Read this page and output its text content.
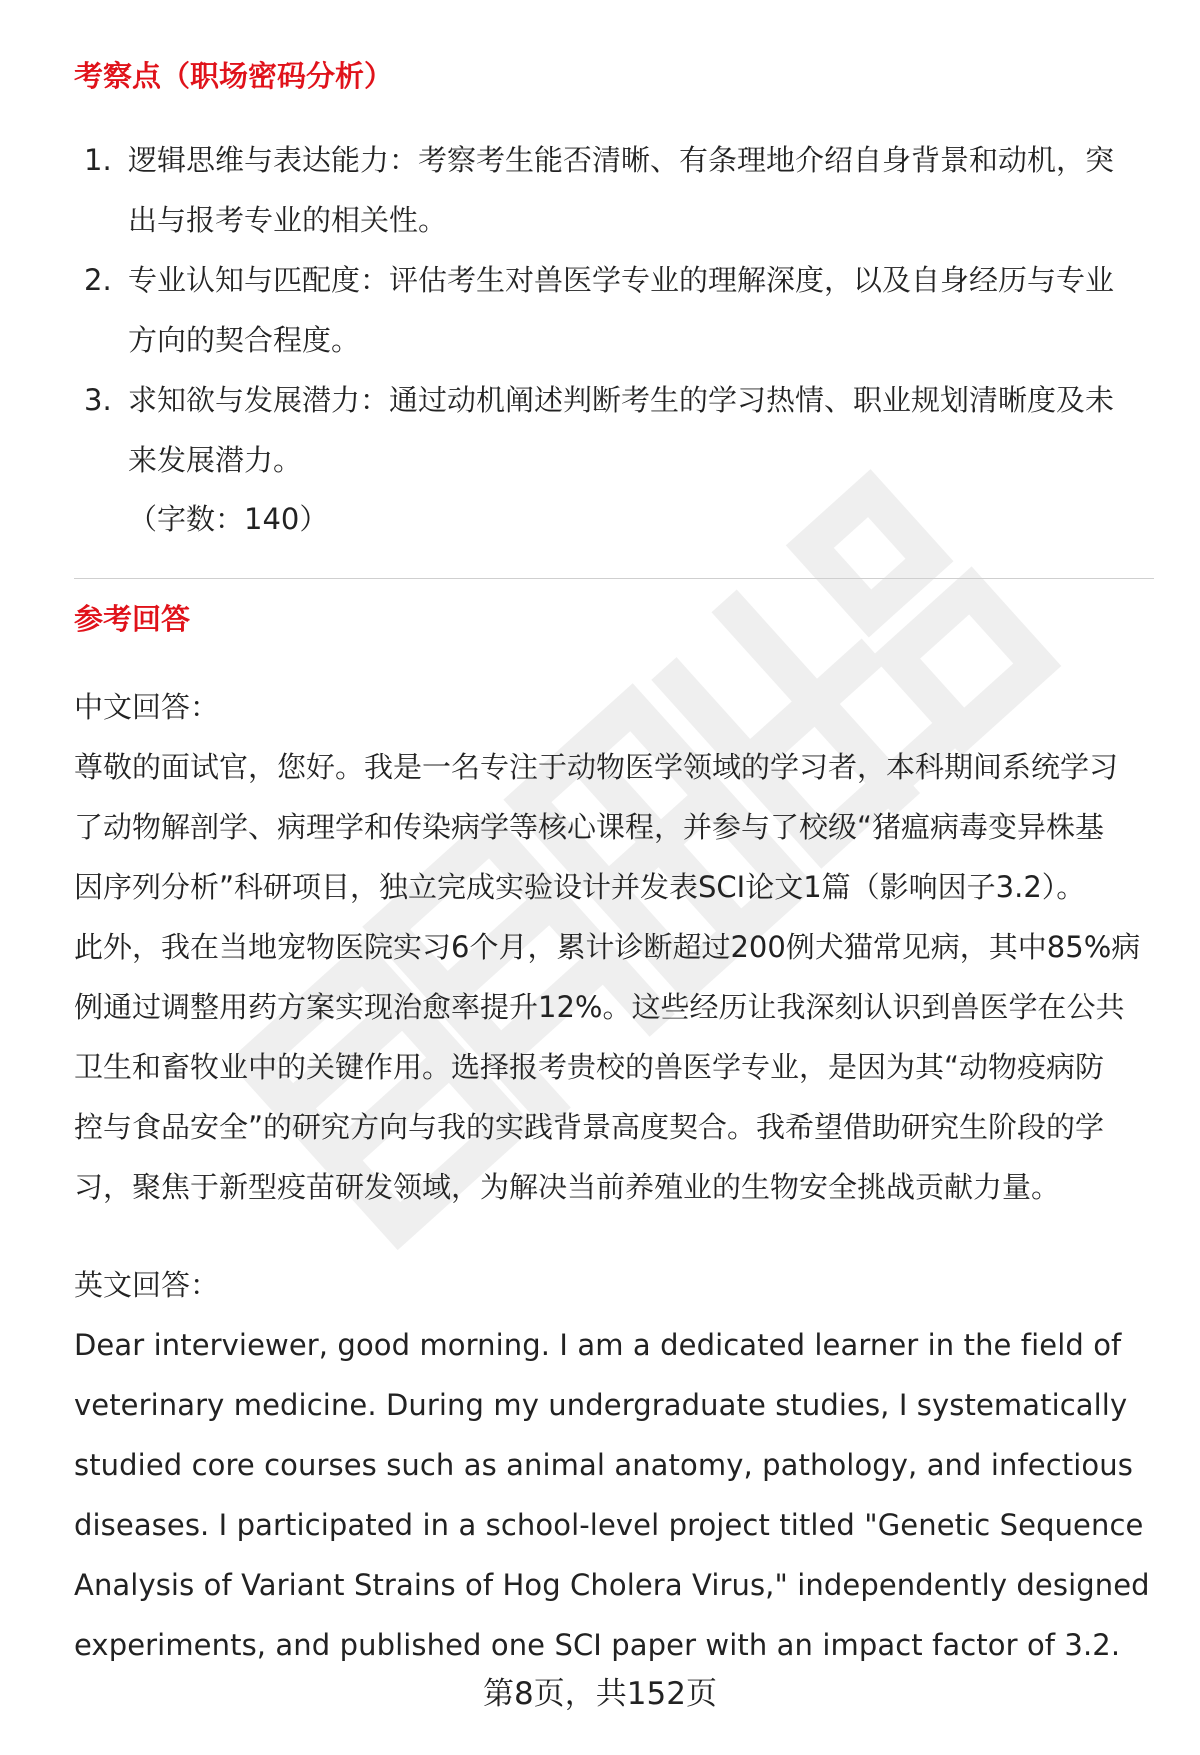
考察点（职场密码分析）
1. 逻辑思维与表达能力：考察考生能否清晰、有条理地介绍自身背景和动机，突
出与报考专业的相关性。
2. 专业认知与匹配度：评估考生对兽医学专业的理解深度，以及自身经历与专业
方向的契合程度。
3. 求知欲与发展潜力：通过动机阐述判断考生的学习热情、职业规划清晰度及未
来发展潜力。
（字数：140）
参考回答
中文回答：
尊敬的面试官，您好。我是一名专注于动物医学领域的学习者，本科期间系统学习
了动物解剖学、病理学和传染病学等核心课程，并参与了校级“猪瘟病毒变异株基
因序列分析”科研项目，独立完成实验设计并发表SCI论文1篇（影响因子3.2）。
此外，我在当地宠物医院实习6个月，累计诊断超过200例犬猫常见病，其中85%病
例通过调整用药方案实现治愈率提升12%。这些经历让我深刻认识到兽医学在公共
卫生和畜牧业中的关键作用。选择报考贵校的兽医学专业，是因为其“动物疫病防
控与食品安全”的研究方向与我的实践背景高度契合。我希望借助研究生阶段的学
习，聚焦于新型疫苗研发领域，为解决当前养殖业的生物安全挑战贡献力量。
英文回答：
Dear interviewer, good morning. I am a dedicated learner in the field of
veterinary medicine. During my undergraduate studies, I systematically
studied core courses such as animal anatomy, pathology, and infectious
diseases. I participated in a school-level project titled "Genetic Sequence
Analysis of Variant Strains of Hog Cholera Virus," independently designed
experiments, and published one SCI paper with an impact factor of 3.2.
第8页，共152页
